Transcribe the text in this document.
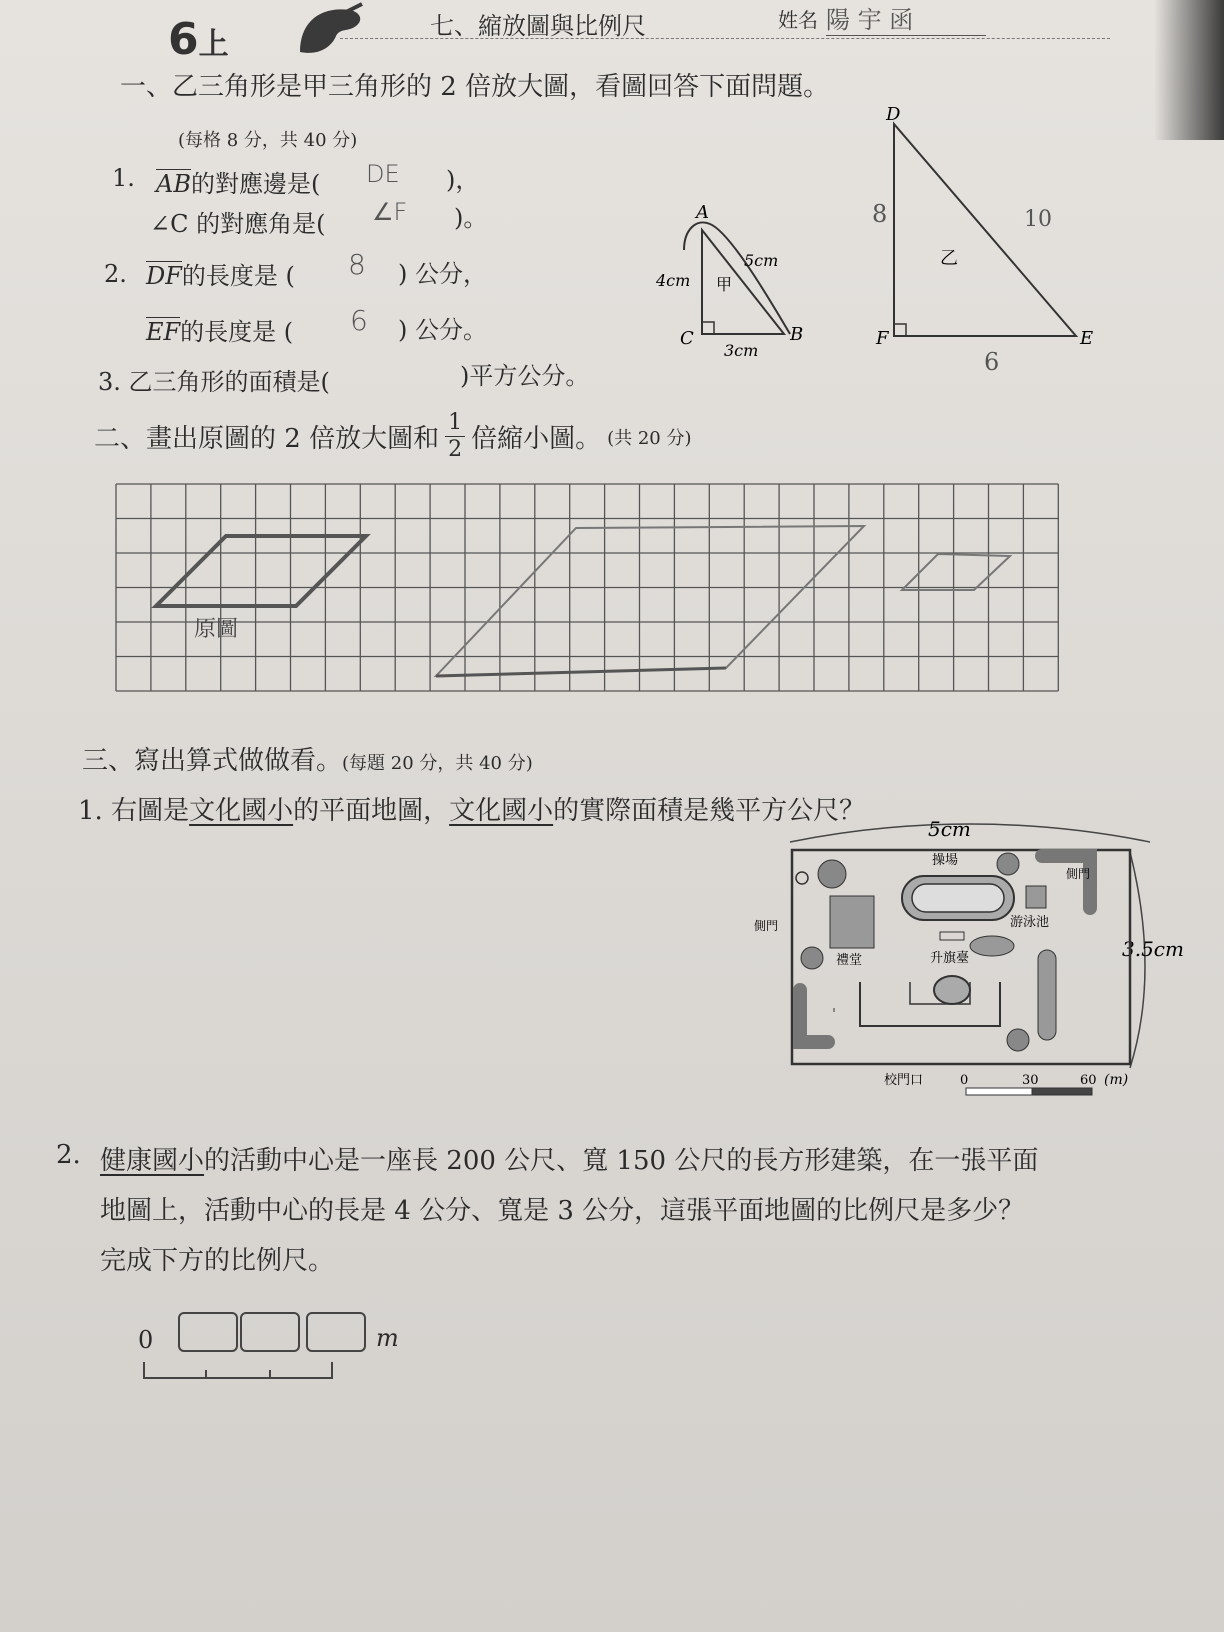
6上
七、縮放圖與比例尺	姓名 陽 宇 函
一、乙三角形是甲三角形的 2 倍放大圖，看圖回答下面問題。
(每格 8 分，共 40 分)
1. AB的對應邊是( DE )，
∠C 的對應角是( ∠F )。
2. DF的長度是 ( 8 ) 公分，
EF的長度是 ( 6 ) 公分。
3. 乙三角形的面積是(	)平方公分。
A
B
C
甲
4cm
5cm
3cm
D
E
F
乙
8	10
6
二、畫出原圖的 2 倍放大圖和 $\frac{1}{2}$ 倍縮小圖。 (共 20 分)
原圖
三、寫出算式做做看。(每題 20 分，共 40 分)
1. 右圖是文化國小的平面地圖，文化國小的實際面積是幾平方公尺？
5cm
3.5cm
操場
禮堂
游泳池
升旗臺
側門
側門
校門口	0	30	60 (m)
2. 健康國小的活動中心是一座長 200 公尺、寬 150 公尺的長方形建築，在一張平面
地圖上，活動中心的長是 4 公分、寬是 3 公分，這張平面地圖的比例尺是多少？
完成下方的比例尺。
0	m
